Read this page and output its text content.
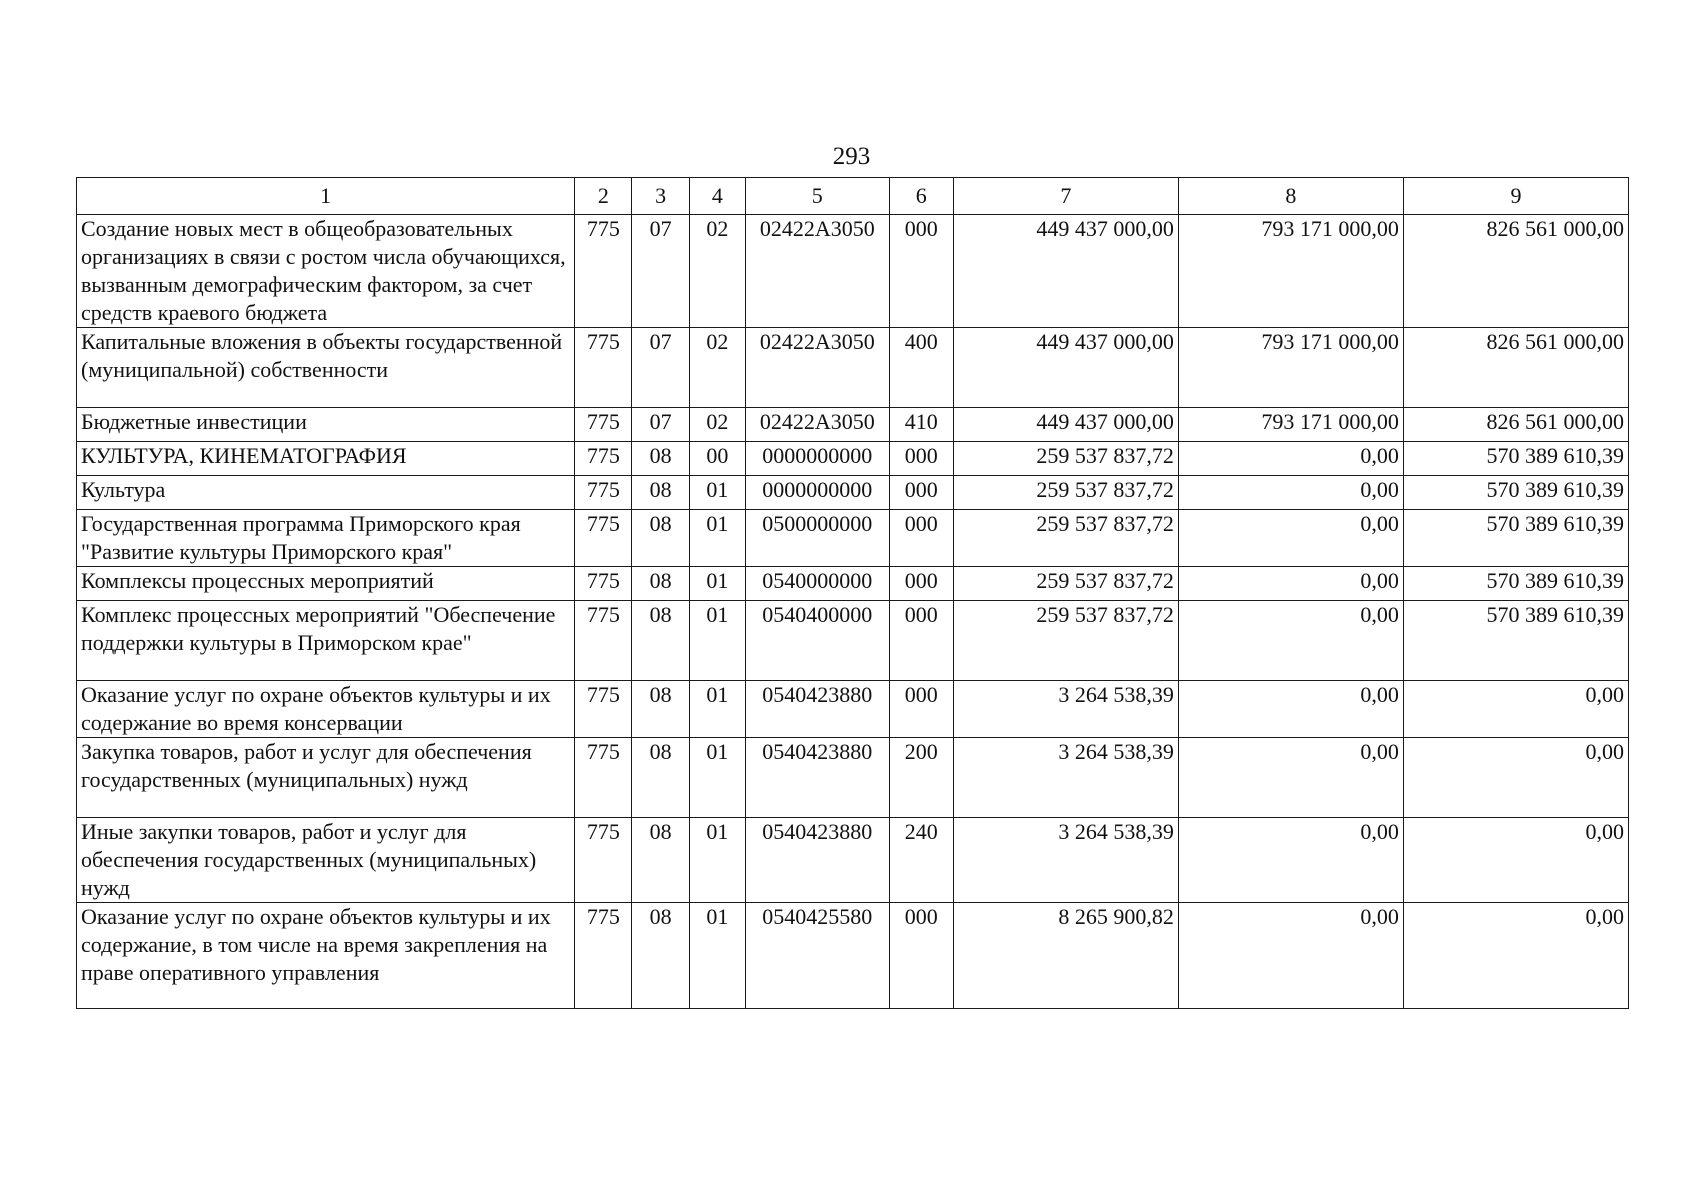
293
1	2	3	4	5	6	7	8	9
Создание новых мест в общеобразовательных организациях в связи с ростом числа обучающихся, вызванным демографическим фактором, за счет средств краевого бюджета	775	07	02	02422A3050	000	449 437 000,00	793 171 000,00	826 561 000,00
Капитальные вложения в объекты государственной (муниципальной) собственности	775	07	02	02422A3050	400	449 437 000,00	793 171 000,00	826 561 000,00
Бюджетные инвестиции	775	07	02	02422A3050	410	449 437 000,00	793 171 000,00	826 561 000,00
КУЛЬТУРА, КИНЕМАТОГРАФИЯ	775	08	00	0000000000	000	259 537 837,72	0,00	570 389 610,39
Культура	775	08	01	0000000000	000	259 537 837,72	0,00	570 389 610,39
Государственная программа Приморского края "Развитие культуры Приморского края"	775	08	01	0500000000	000	259 537 837,72	0,00	570 389 610,39
Комплексы процессных мероприятий	775	08	01	0540000000	000	259 537 837,72	0,00	570 389 610,39
Комплекс процессных мероприятий "Обеспечение поддержки культуры в Приморском крае"	775	08	01	0540400000	000	259 537 837,72	0,00	570 389 610,39
Оказание услуг по охране объектов культуры и их содержание во время консервации	775	08	01	0540423880	000	3 264 538,39	0,00	0,00
Закупка товаров, работ и услуг для обеспечения государственных (муниципальных) нужд	775	08	01	0540423880	200	3 264 538,39	0,00	0,00
Иные закупки товаров, работ и услуг для обеспечения государственных (муниципальных) нужд	775	08	01	0540423880	240	3 264 538,39	0,00	0,00
Оказание услуг по охране объектов культуры и их содержание, в том числе на время закрепления на праве оперативного управления	775	08	01	0540425580	000	8 265 900,82	0,00	0,00
